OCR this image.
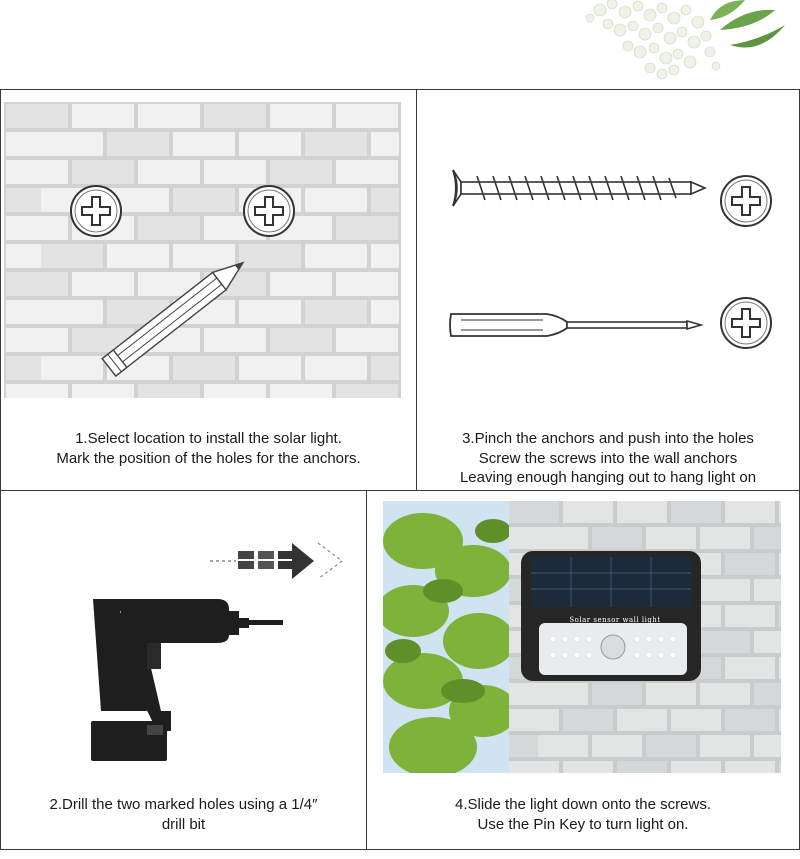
1.Select location to install the solar light.
Mark the position of the holes for the anchors.
3.Pinch the anchors and push into the holes
Screw the screws into the wall anchors
Leaving enough hanging out to hang light on
2.Drill the two marked holes using a 1/4″
drill bit
Solar sensor wall light
4.Slide the light down onto the screws.
Use the Pin Key to turn light on.
